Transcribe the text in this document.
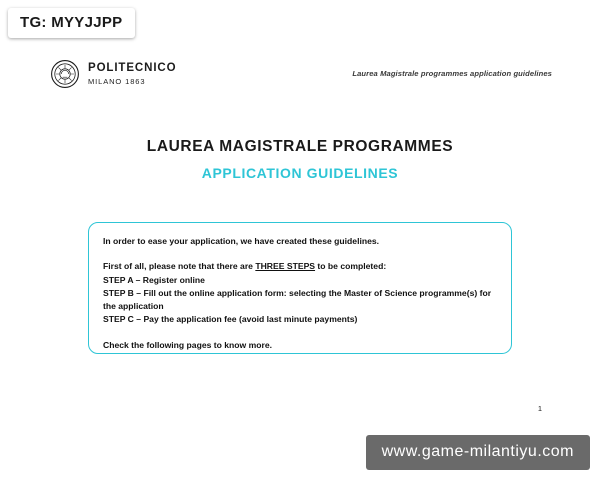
POLITECNICO
MILANO 1863
Laurea Magistrale programmes application guidelines
LAUREA MAGISTRALE PROGRAMMES
APPLICATION GUIDELINES

In order to ease your application, we have created these guidelines.

First of all, please note that there are THREE STEPS to be completed:

STEP A – Register online

STEP B – Fill out the online application form: selecting the Master of Science programme(s) for the application

STEP C – Pay the application fee (avoid last minute payments)

Check the following pages to know more.

1
TG: MYYJJPP
www.game-milantiyu.com
